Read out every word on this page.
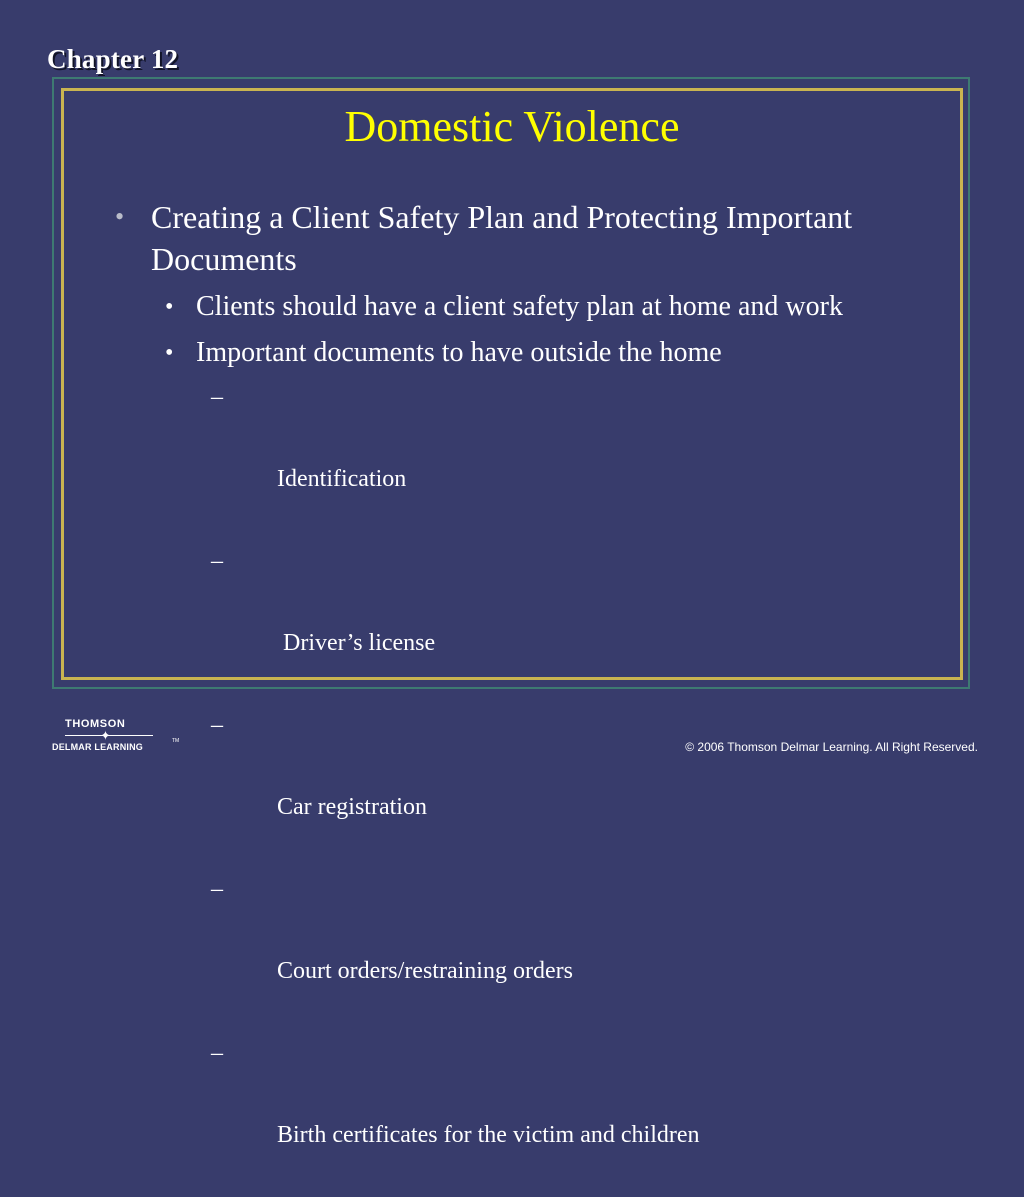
Chapter 12
Domestic Violence
• Creating a Client Safety Plan and Protecting Important Documents
• Clients should have a client safety plan at home and work
• Important documents to have outside the home

–

Identification

–

Driver’s license

–

Car registration

–

Court orders/restraining orders

–

Birth certificates for the victim and children

THOMSON
✦
DELMAR LEARNING
TM	© 2006 Thomson Delmar Learning. All Right Reserved.
